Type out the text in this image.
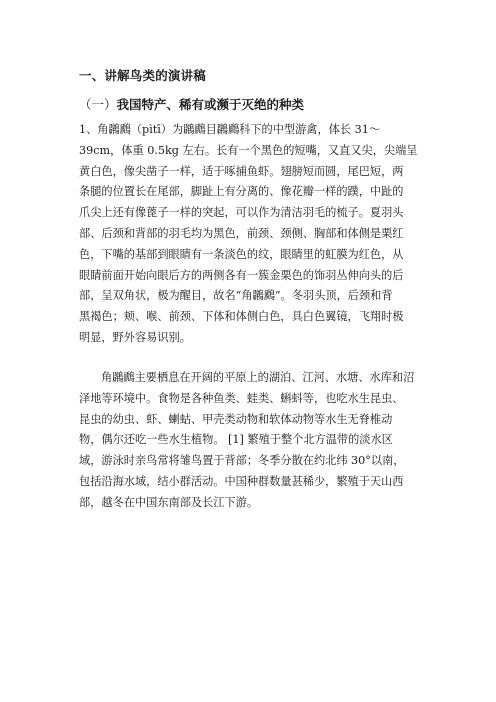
一、讲解鸟类的演讲稿
（一）我国特产、稀有或濒于灭绝的种类
1、角鸊鷉（pìtī）为鸊鷉目鸊鷉科下的中型游禽，体长 31～
39cm，体重 0.5kg 左右。长有一个黑色的短嘴，又直又尖，尖端呈
黄白色，像尖凿子一样，适于啄捕鱼虾。翅膀短而圆，尾巴短，两
条腿的位置长在尾部，脚趾上有分离的、像花瓣一样的蹼，中趾的
爪尖上还有像蓖子一样的突起，可以作为清洁羽毛的梳子。夏羽头
部、后颈和背部的羽毛均为黑色，前颈、颈侧、胸部和体侧是栗红
色，下嘴的基部到眼睛有一条淡色的纹，眼睛里的虹膜为红色，从
眼睛前面开始向眼后方的两侧各有一簇金栗色的饰羽丛伸向头的后
部，呈双角状，极为醒目，故名“角鸊鷉”。冬羽头顶，后颈和背
黑褐色；颊、喉、前颈、下体和体侧白色，具白色翼镜，飞翔时极
明显，野外容易识别。
角鸊鷉主要栖息在开阔的平原上的湖泊、江河、水塘、水库和沼
泽地等环境中。食物是各种鱼类、蛙类、蝌蚪等，也吃水生昆虫、
昆虫的幼虫、虾、蝲蛄、甲壳类动物和软体动物等水生无脊椎动
物，偶尔还吃一些水生植物。 [1] 繁殖于整个北方温带的淡水区
域，游泳时亲鸟常将雏鸟置于背部；冬季分散在约北纬 30°以南，
包括沿海水域，结小群活动。中国种群数量甚稀少，繁殖于天山西
部，越冬在中国东南部及长江下游。
